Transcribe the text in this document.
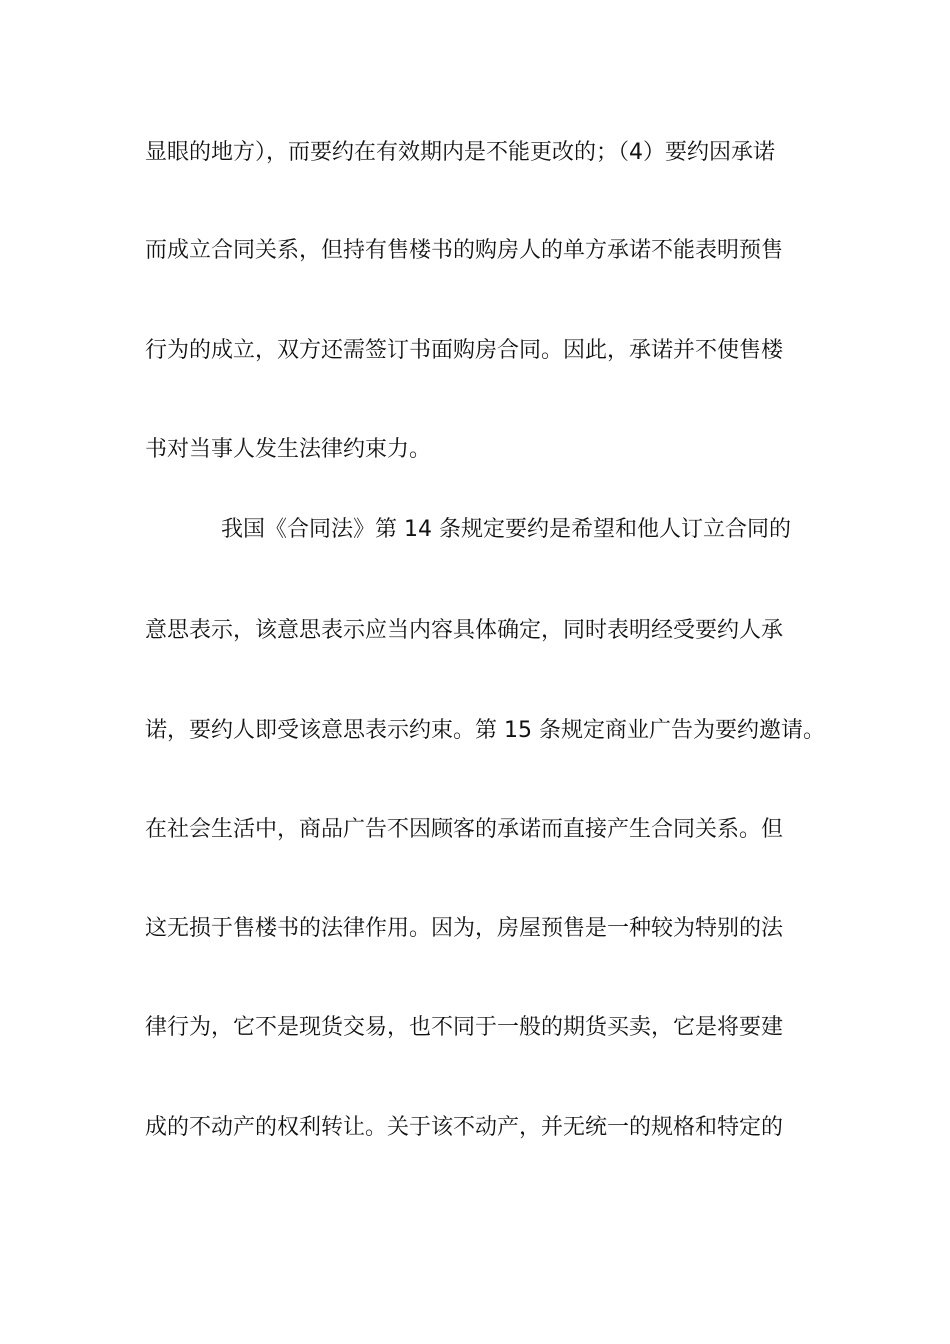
显眼的地方），而要约在有效期内是不能更改的；（4）要约因承诺
而成立合同关系，但持有售楼书的购房人的单方承诺不能表明预售
行为的成立，双方还需签订书面购房合同。因此，承诺并不使售楼
书对当事人发生法律约束力。
我国《合同法》第 14 条规定要约是希望和他人订立合同的
意思表示，该意思表示应当内容具体确定，同时表明经受要约人承
诺，要约人即受该意思表示约束。第 15 条规定商业广告为要约邀请。
在社会生活中，商品广告不因顾客的承诺而直接产生合同关系。但
这无损于售楼书的法律作用。因为，房屋预售是一种较为特别的法
律行为，它不是现货交易，也不同于一般的期货买卖，它是将要建
成的不动产的权利转让。关于该不动产，并无统一的规格和特定的
